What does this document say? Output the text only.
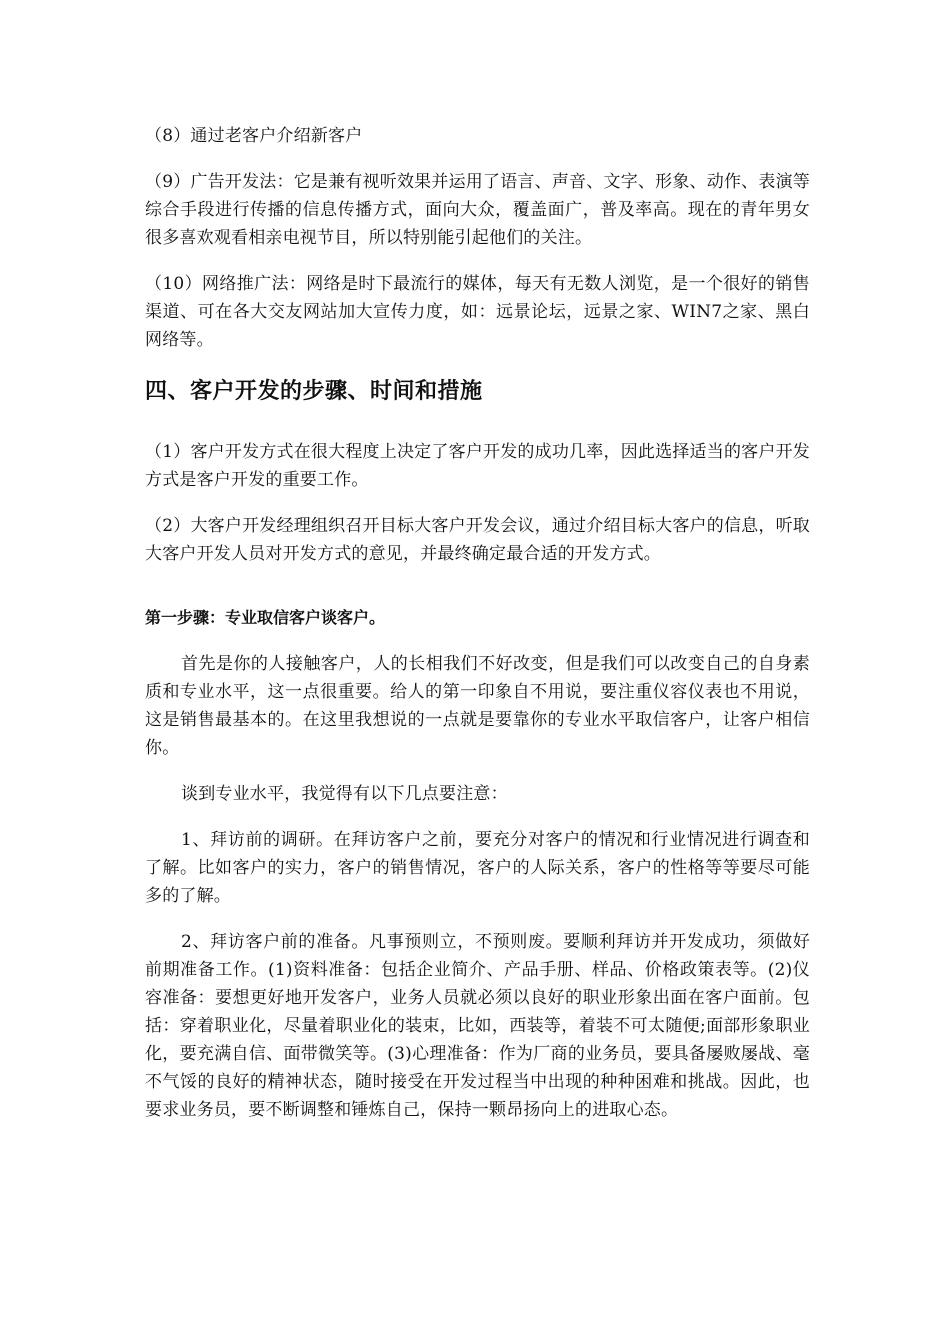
（8）通过老客户介绍新客户

（9）广告开发法：它是兼有视听效果并运用了语言、声音、文字、形象、动作、表演等综合手段进行传播的信息传播方式，面向大众，覆盖面广，普及率高。现在的青年男女很多喜欢观看相亲电视节目，所以特别能引起他们的关注。

（10）网络推广法：网络是时下最流行的媒体，每天有无数人浏览，是一个很好的销售渠道、可在各大交友网站加大宣传力度，如：远景论坛，远景之家、WIN7之家、黑白网络等。

四、客户开发的步骤、时间和措施

（1）客户开发方式在很大程度上决定了客户开发的成功几率，因此选择适当的客户开发方式是客户开发的重要工作。

（2）大客户开发经理组织召开目标大客户开发会议，通过介绍目标大客户的信息，听取大客户开发人员对开发方式的意见，并最终确定最合适的开发方式。

第一步骤：专业取信客户谈客户。

首先是你的人接触客户，人的长相我们不好改变，但是我们可以改变自己的自身素质和专业水平，这一点很重要。给人的第一印象自不用说，要注重仪容仪表也不用说，这是销售最基本的。在这里我想说的一点就是要靠你的专业水平取信客户，让客户相信你。

谈到专业水平，我觉得有以下几点要注意：

1、拜访前的调研。在拜访客户之前，要充分对客户的情况和行业情况进行调查和了解。比如客户的实力，客户的销售情况，客户的人际关系，客户的性格等等要尽可能多的了解。

2、拜访客户前的准备。凡事预则立，不预则废。要顺利拜访并开发成功，须做好前期准备工作。(1)资料准备：包括企业简介、产品手册、样品、价格政策表等。(2)仪容准备：要想更好地开发客户，业务人员就必须以良好的职业形象出面在客户面前。包括：穿着职业化，尽量着职业化的装束，比如，西装等，着装不可太随便;面部形象职业化，要充满自信、面带微笑等。(3)心理准备：作为厂商的业务员，要具备屡败屡战、毫不气馁的良好的精神状态，随时接受在开发过程当中出现的种种困难和挑战。因此，也要求业务员，要不断调整和锤炼自己，保持一颗昂扬向上的进取心态。
